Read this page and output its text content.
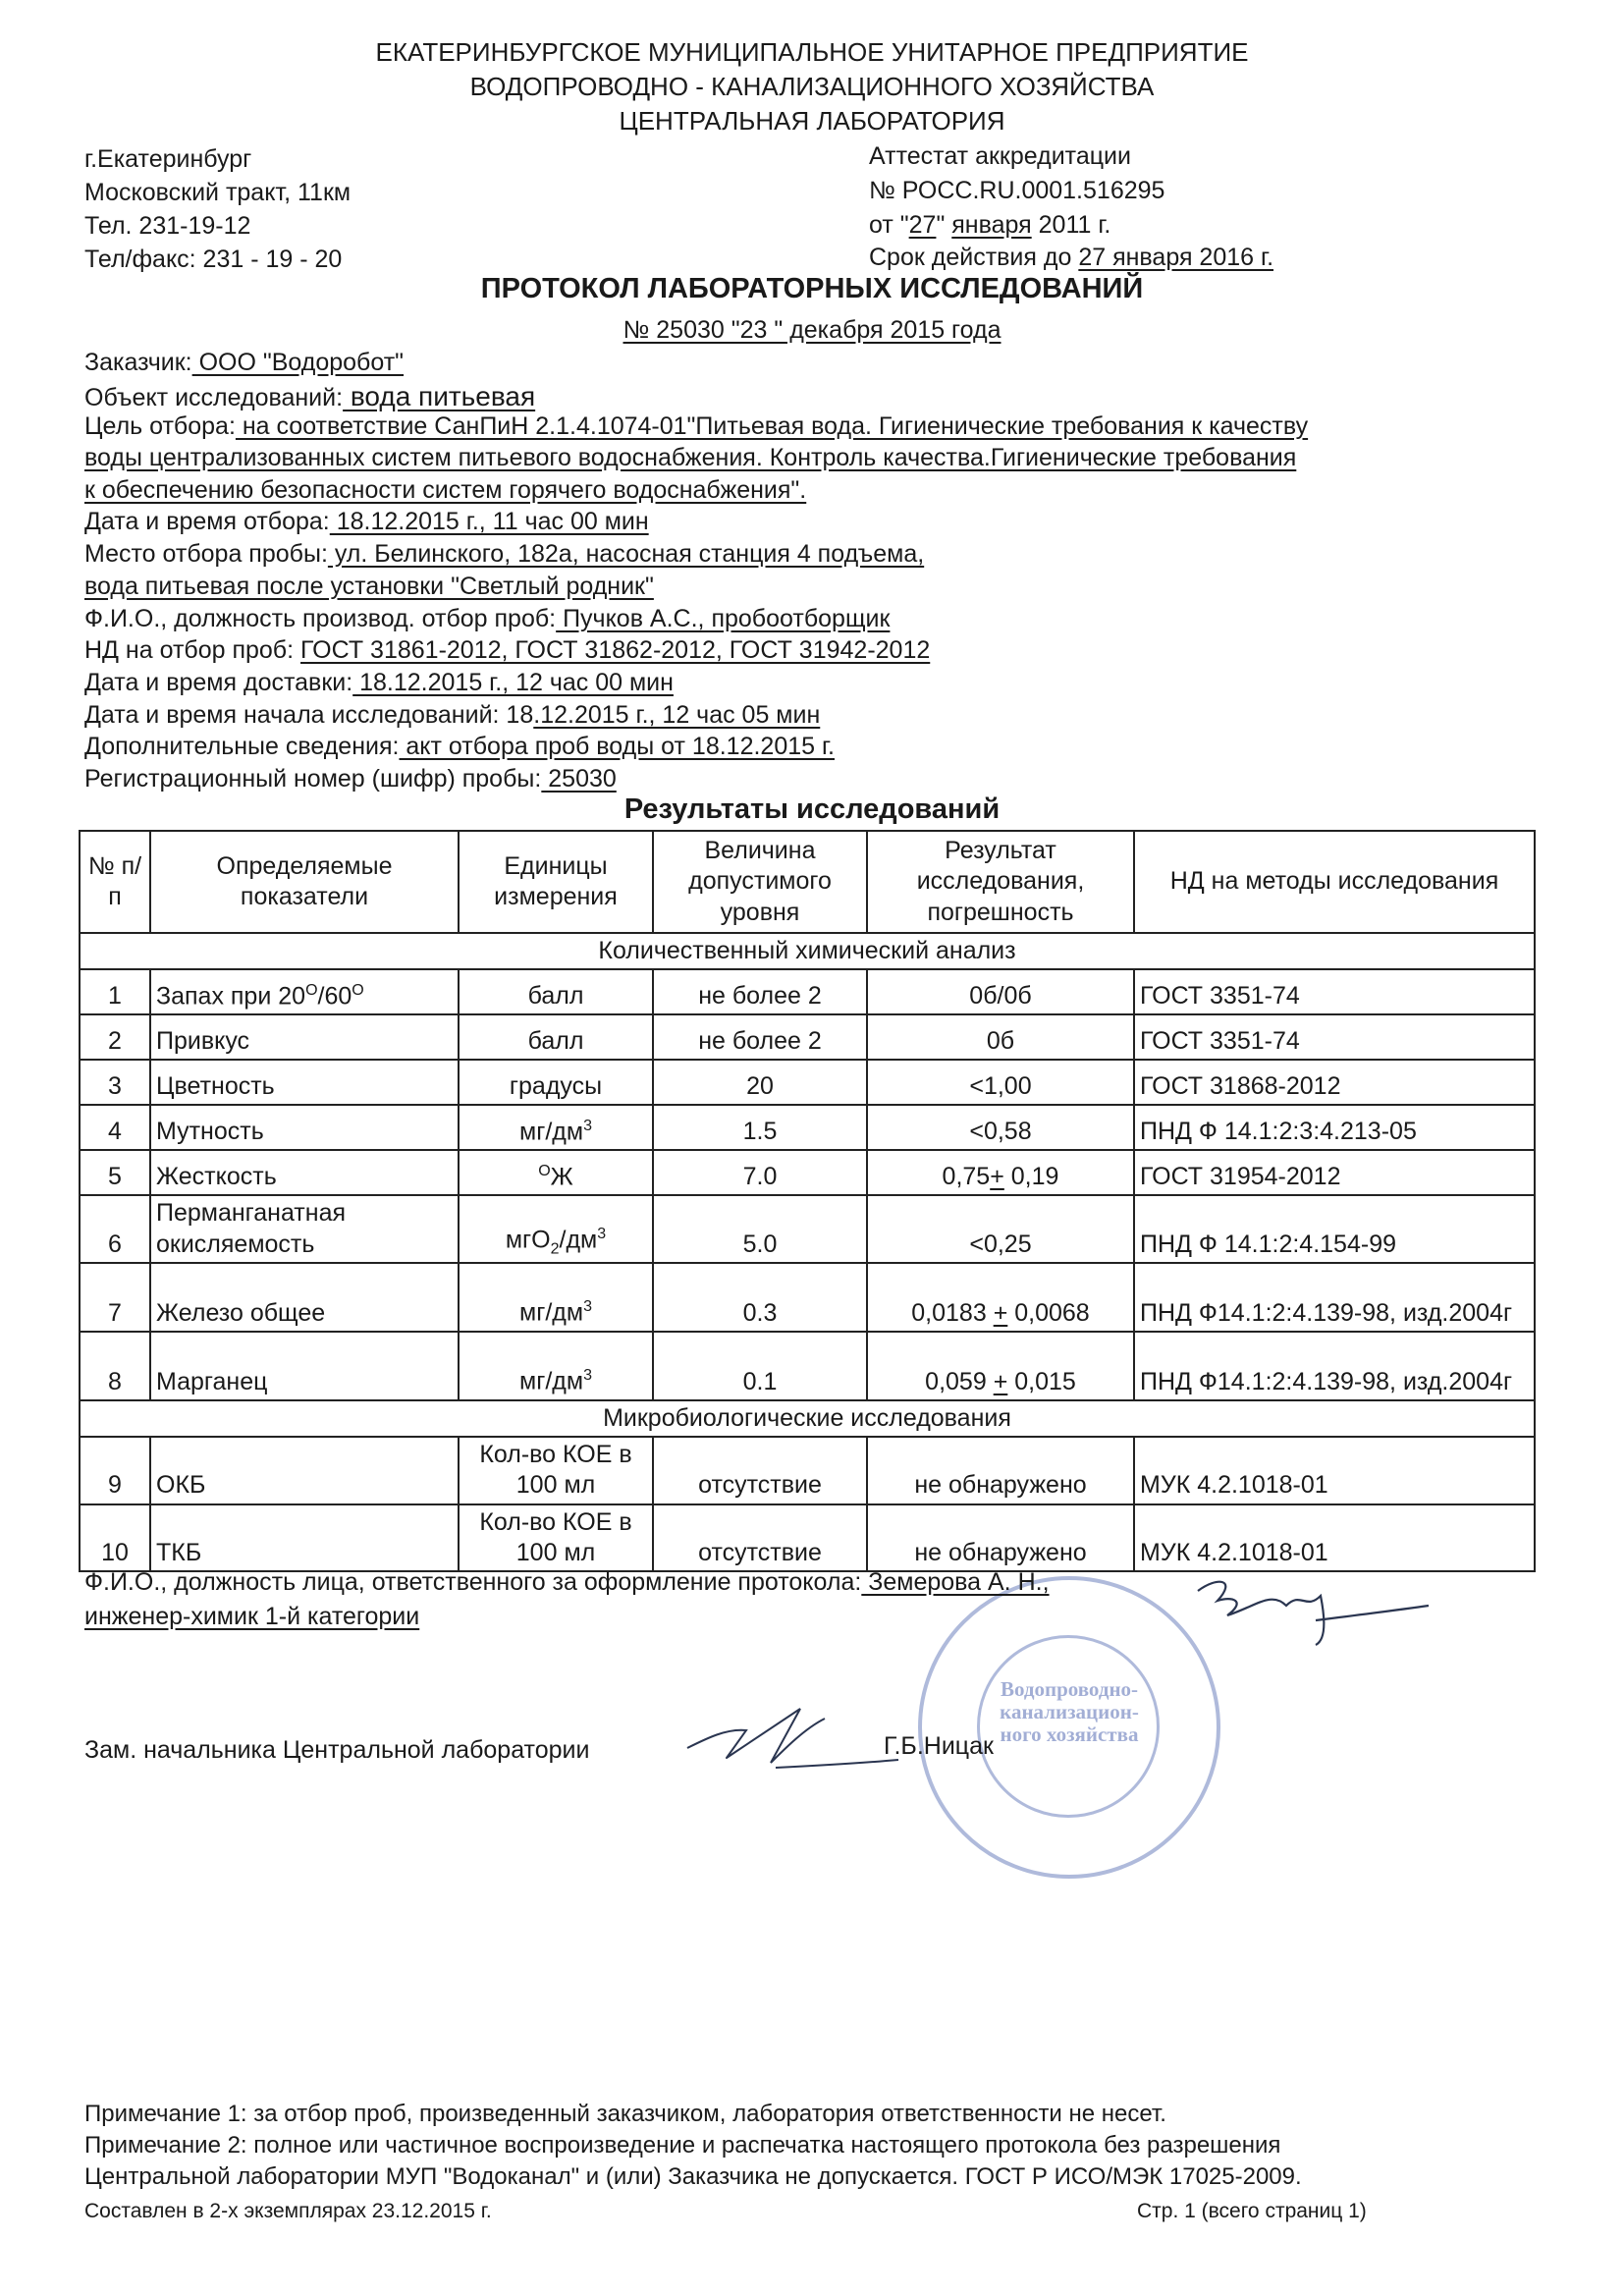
ЕКАТЕРИНБУРГСКОЕ МУНИЦИПАЛЬНОЕ УНИТАРНОЕ ПРЕДПРИЯТИЕ
ВОДОПРОВОДНО - КАНАЛИЗАЦИОННОГО ХОЗЯЙСТВА
ЦЕНТРАЛЬНАЯ ЛАБОРАТОРИЯ
г.Екатеринбург
Московский тракт, 11км
Тел. 231-19-12
Тел/факс: 231 - 19 - 20
Аттестат аккредитации
№ РОСС.RU.0001.516295
от "27" января 2011 г.
Срок действия до 27 января 2016 г.
ПРОТОКОЛ ЛАБОРАТОРНЫХ ИССЛЕДОВАНИЙ
№ 25030 "23 " декабря 2015 года
Заказчик: ООО "Водоробот"
Объект исследований: вода питьевая
Цель отбора: на соответствие СанПиН 2.1.4.1074-01"Питьевая вода. Гигиенические требования к качеству
воды централизованных систем питьевого водоснабжения. Контроль качества.Гигиенические требования
к обеспечению безопасности систем горячего водоснабжения".
Дата и время отбора: 18.12.2015 г., 11 час 00 мин
Место отбора пробы: ул. Белинского, 182а, насосная станция 4 подъема,
вода питьевая после установки "Светлый родник"
Ф.И.О., должность производ. отбор проб: Пучков А.С., пробоотборщик
НД на отбор проб: ГОСТ 31861-2012, ГОСТ 31862-2012, ГОСТ 31942-2012
Дата и время доставки: 18.12.2015 г., 12 час 00 мин
Дата и время начала исследований: 18.12.2015 г., 12 час 05 мин
Дополнительные сведения: акт отбора проб воды от 18.12.2015 г.
Регистрационный номер (шифр) пробы: 25030
Результаты исследований
№ п/п	Определяемые показатели	Единицы измерения	Величина допустимого уровня	Результат исследования, погрешность	НД на методы исследования
Количественный химический анализ					
1	Запах при $20^О/60^О$	балл	не более 2	0б/0б	ГОСТ 3351-74
2	Привкус	балл	не более 2	0б	ГОСТ 3351-74
3	Цветность	градусы	20	<1,00	ГОСТ 31868-2012
4	Мутность	$мг/дм^3$	1.5	<0,58	ПНД Ф 14.1:2:3:4.213-05
5	Жесткость	$^О$Ж	7.0	0,75+ 0,19	ГОСТ 31954-2012
6	Перманганатная окисляемость	$мгО_2/дм^3$	5.0	<0,25	ПНД Ф 14.1:2:4.154-99
7	Железо общее	$мг/дм^3$	0.3	0,0183 + 0,0068	ПНД Ф14.1:2:4.139-98, изд.2004г
8	Марганец	$мг/дм^3$	0.1	0,059 + 0,015	ПНД Ф14.1:2:4.139-98, изд.2004г
Микробиологические исследования					
9	ОКБ	Кол-во КОЕ в 100 мл	отсутствие	не обнаружено	МУК 4.2.1018-01
10	ТКБ	Кол-во КОЕ в 100 мл	отсутствие	не обнаружено	МУК 4.2.1018-01
Водопроводно-канализацион-ного хозяйства
Ф.И.О., должность лица, ответственного за оформление протокола: Земерова А. Н.,
инженер-химик 1-й категории
Зам. начальника Центральной лаборатории	Г.Б.Ницак
Примечание 1: за отбор проб, произведенный заказчиком, лаборатория ответственности не несет.
Примечание 2: полное или частичное воспроизведение и распечатка настоящего протокола без разрешения
Центральной лаборатории МУП "Водоканал" и (или) Заказчика не допускается. ГОСТ Р ИСО/МЭК 17025-2009.
Составлен в 2-х экземплярах 23.12.2015 г.	Стр. 1 (всего страниц 1)
